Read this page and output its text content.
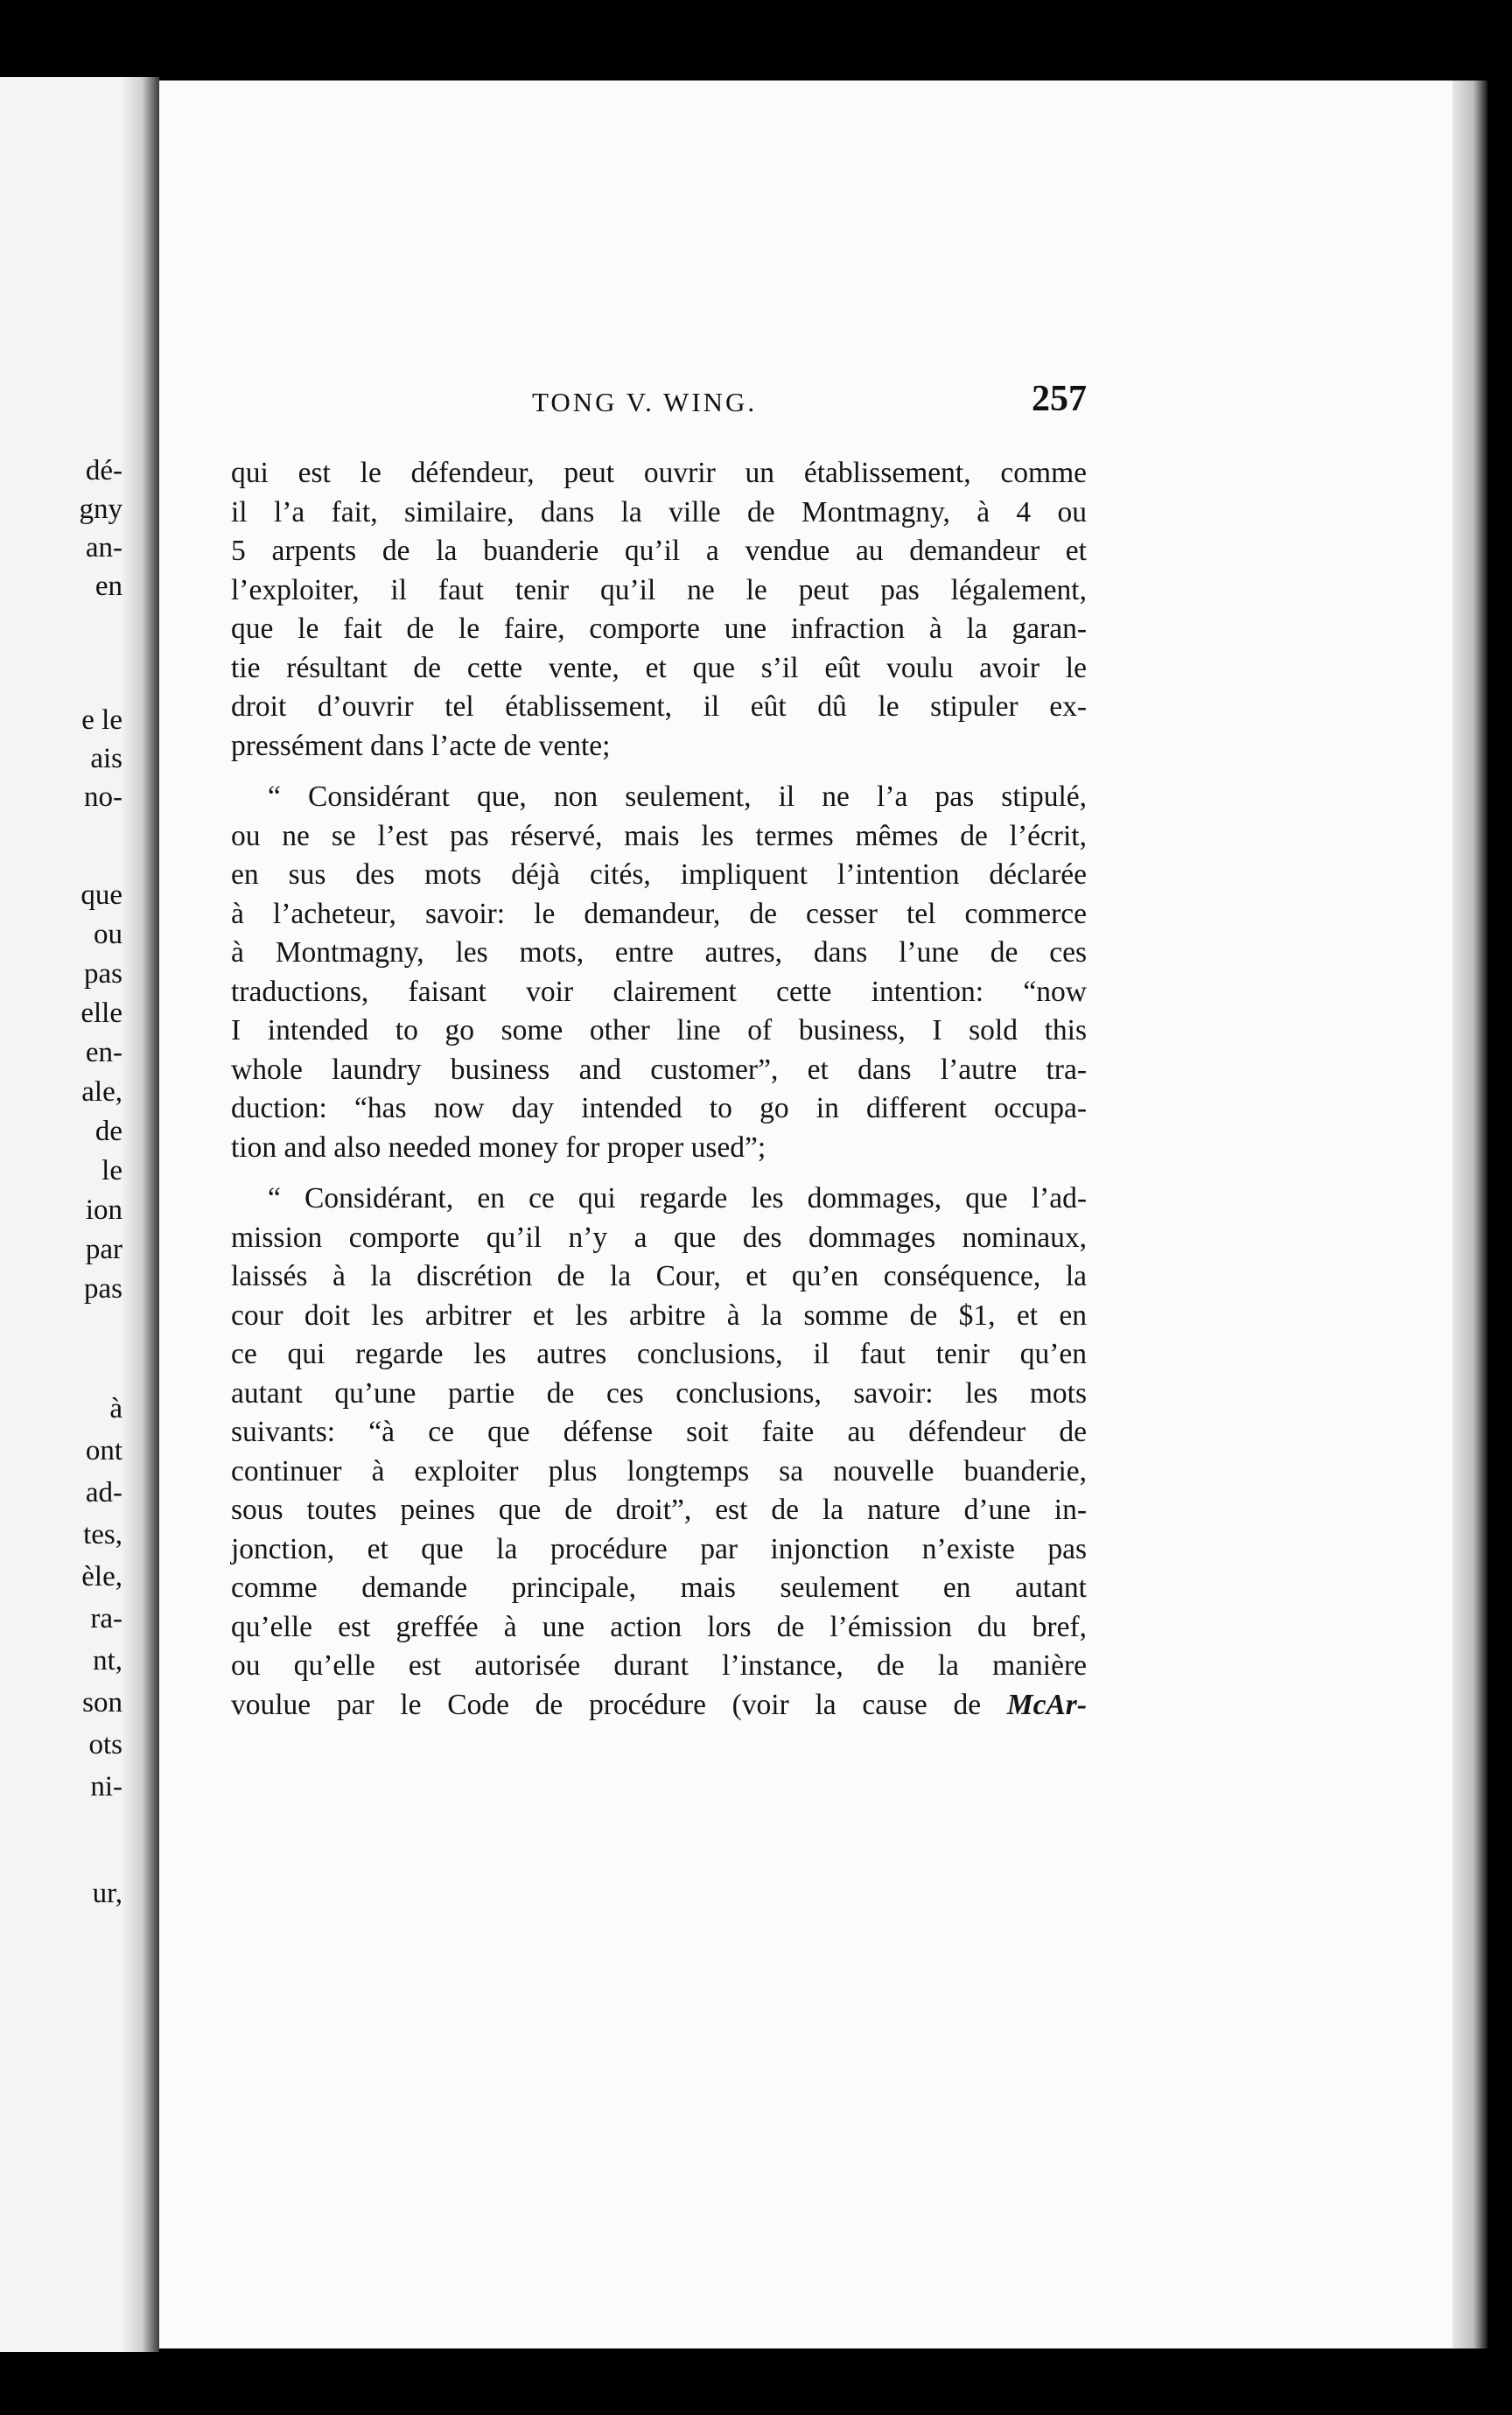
dé-
gny
an-
en
e le
ais
no-
que
ou
pas
elle
en-
ale,
de
le
ion
par
pas
à
ont
ad-
tes,
èle,
ra-
nt,
son
ots
ni-
ur,
TONG V. WING.	257

qui est le défendeur, peut ouvrir un établissement, comme

il l’a fait, similaire, dans la ville de Montmagny, à 4 ou

5 arpents de la buanderie qu’il a vendue au demandeur et

l’exploiter, il faut tenir qu’il ne le peut pas légalement,

que le fait de le faire, comporte une infraction à la garan-

tie résultant de cette vente, et que s’il eût voulu avoir le

droit d’ouvrir tel établissement, il eût dû le stipuler ex-

pressément dans l’acte de vente;

“ Considérant que, non seulement, il ne l’a pas stipulé,

ou ne se l’est pas réservé, mais les termes mêmes de l’écrit,

en sus des mots déjà cités, impliquent l’intention déclarée

à l’acheteur, savoir: le demandeur, de cesser tel commerce

à Montmagny, les mots, entre autres, dans l’une de ces

traductions, faisant voir clairement cette intention: “now

I intended to go some other line of business, I sold this

whole laundry business and customer”, et dans l’autre tra-

duction: “has now day intended to go in different occupa-

tion and also needed money for proper used”;

“ Considérant, en ce qui regarde les dommages, que l’ad-

mission comporte qu’il n’y a que des dommages nominaux,

laissés à la discrétion de la Cour, et qu’en conséquence, la

cour doit les arbitrer et les arbitre à la somme de $1, et en

ce qui regarde les autres conclusions, il faut tenir qu’en

autant qu’une partie de ces conclusions, savoir: les mots

suivants: “à ce que défense soit faite au défendeur de

continuer à exploiter plus longtemps sa nouvelle buanderie,

sous toutes peines que de droit”, est de la nature d’une in-

jonction, et que la procédure par injonction n’existe pas

comme demande principale, mais seulement en autant

qu’elle est greffée à une action lors de l’émission du bref,

ou qu’elle est autorisée durant l’instance, de la manière

voulue par le Code de procédure (voir la cause de McAr-
